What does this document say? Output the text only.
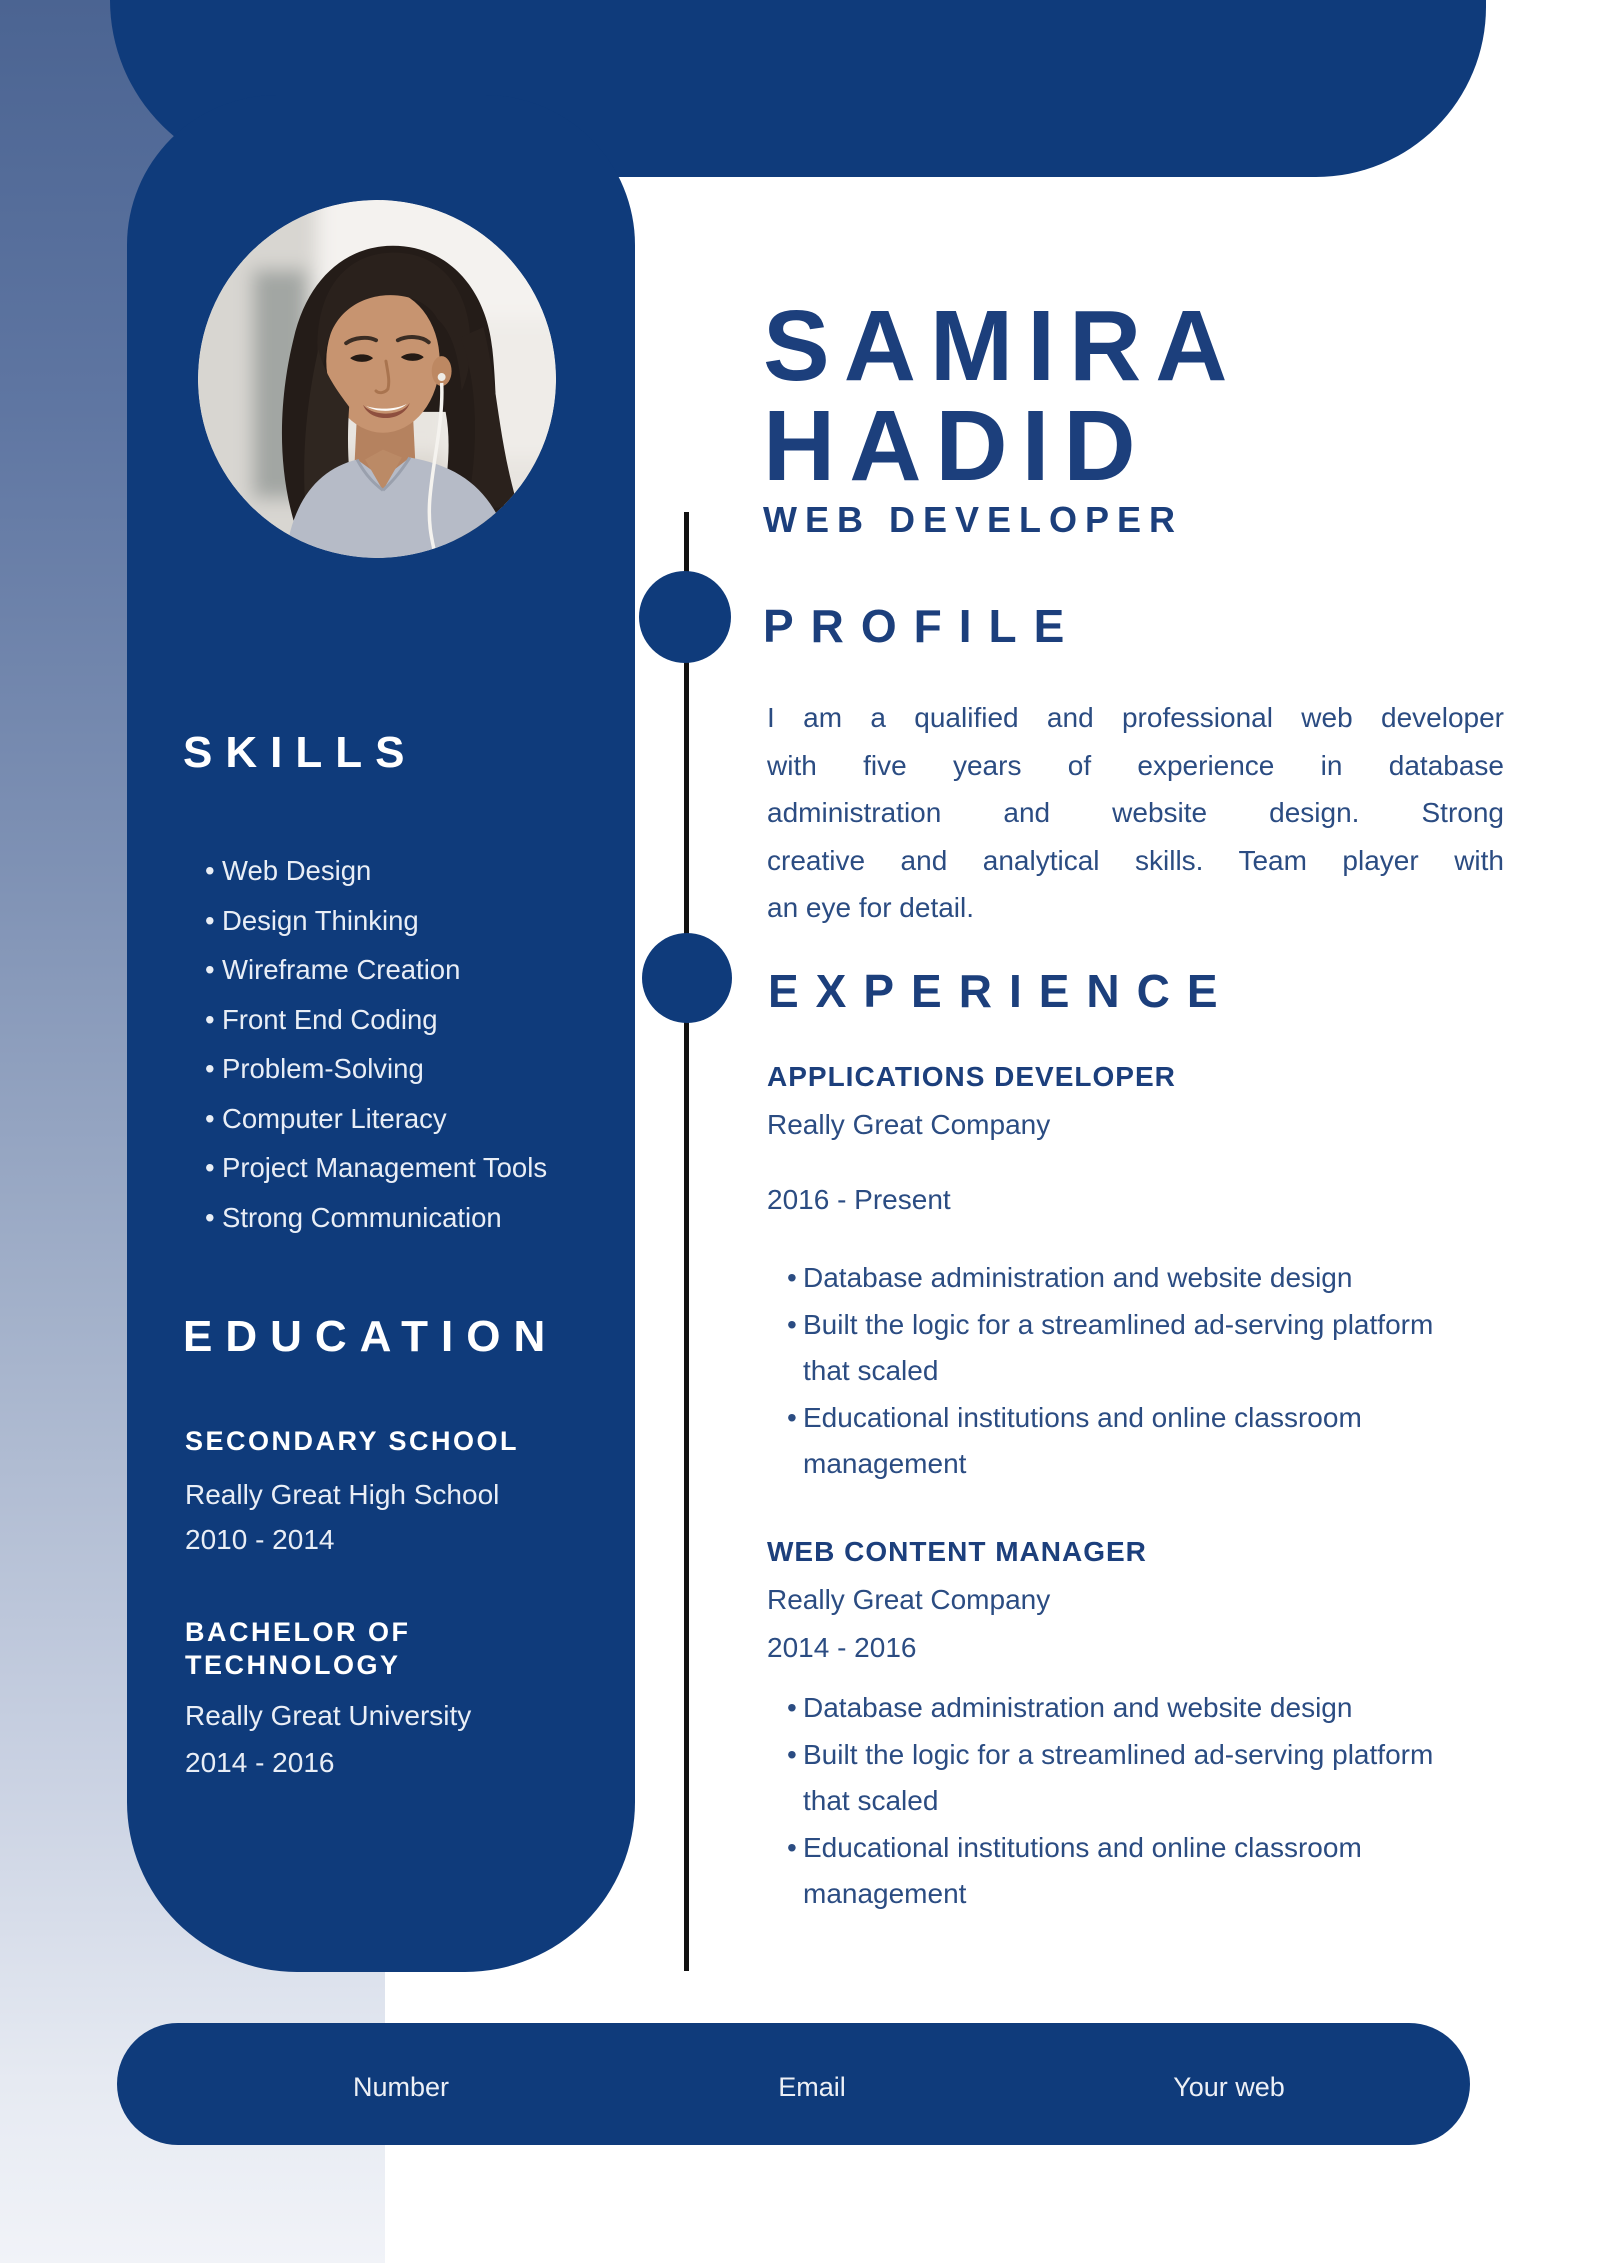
SAMIRA
HADID
WEB DEVELOPER
PROFILE
I am a qualified and professional web developer
with five years of experience in database
administration and website design. Strong
creative and analytical skills. Team player with
an eye for detail.
EXPERIENCE
APPLICATIONS DEVELOPER
Really Great Company
2016 - Present
• Database administration and website design
• Built the logic for a streamlined ad-serving platform that scaled
• Educational institutions and online classroom management
WEB CONTENT MANAGER
Really Great Company
2014 - 2016
• Database administration and website design
• Built the logic for a streamlined ad-serving platform that scaled
• Educational institutions and online classroom management
SKILLS
• Web Design
• Design Thinking
• Wireframe Creation
• Front End Coding
• Problem-Solving
• Computer Literacy
• Project Management Tools
• Strong Communication
EDUCATION
SECONDARY SCHOOL
Really Great High School
2010 - 2014
BACHELOR OF TECHNOLOGY
Really Great University
2014 - 2016
Number	Email	Your web
